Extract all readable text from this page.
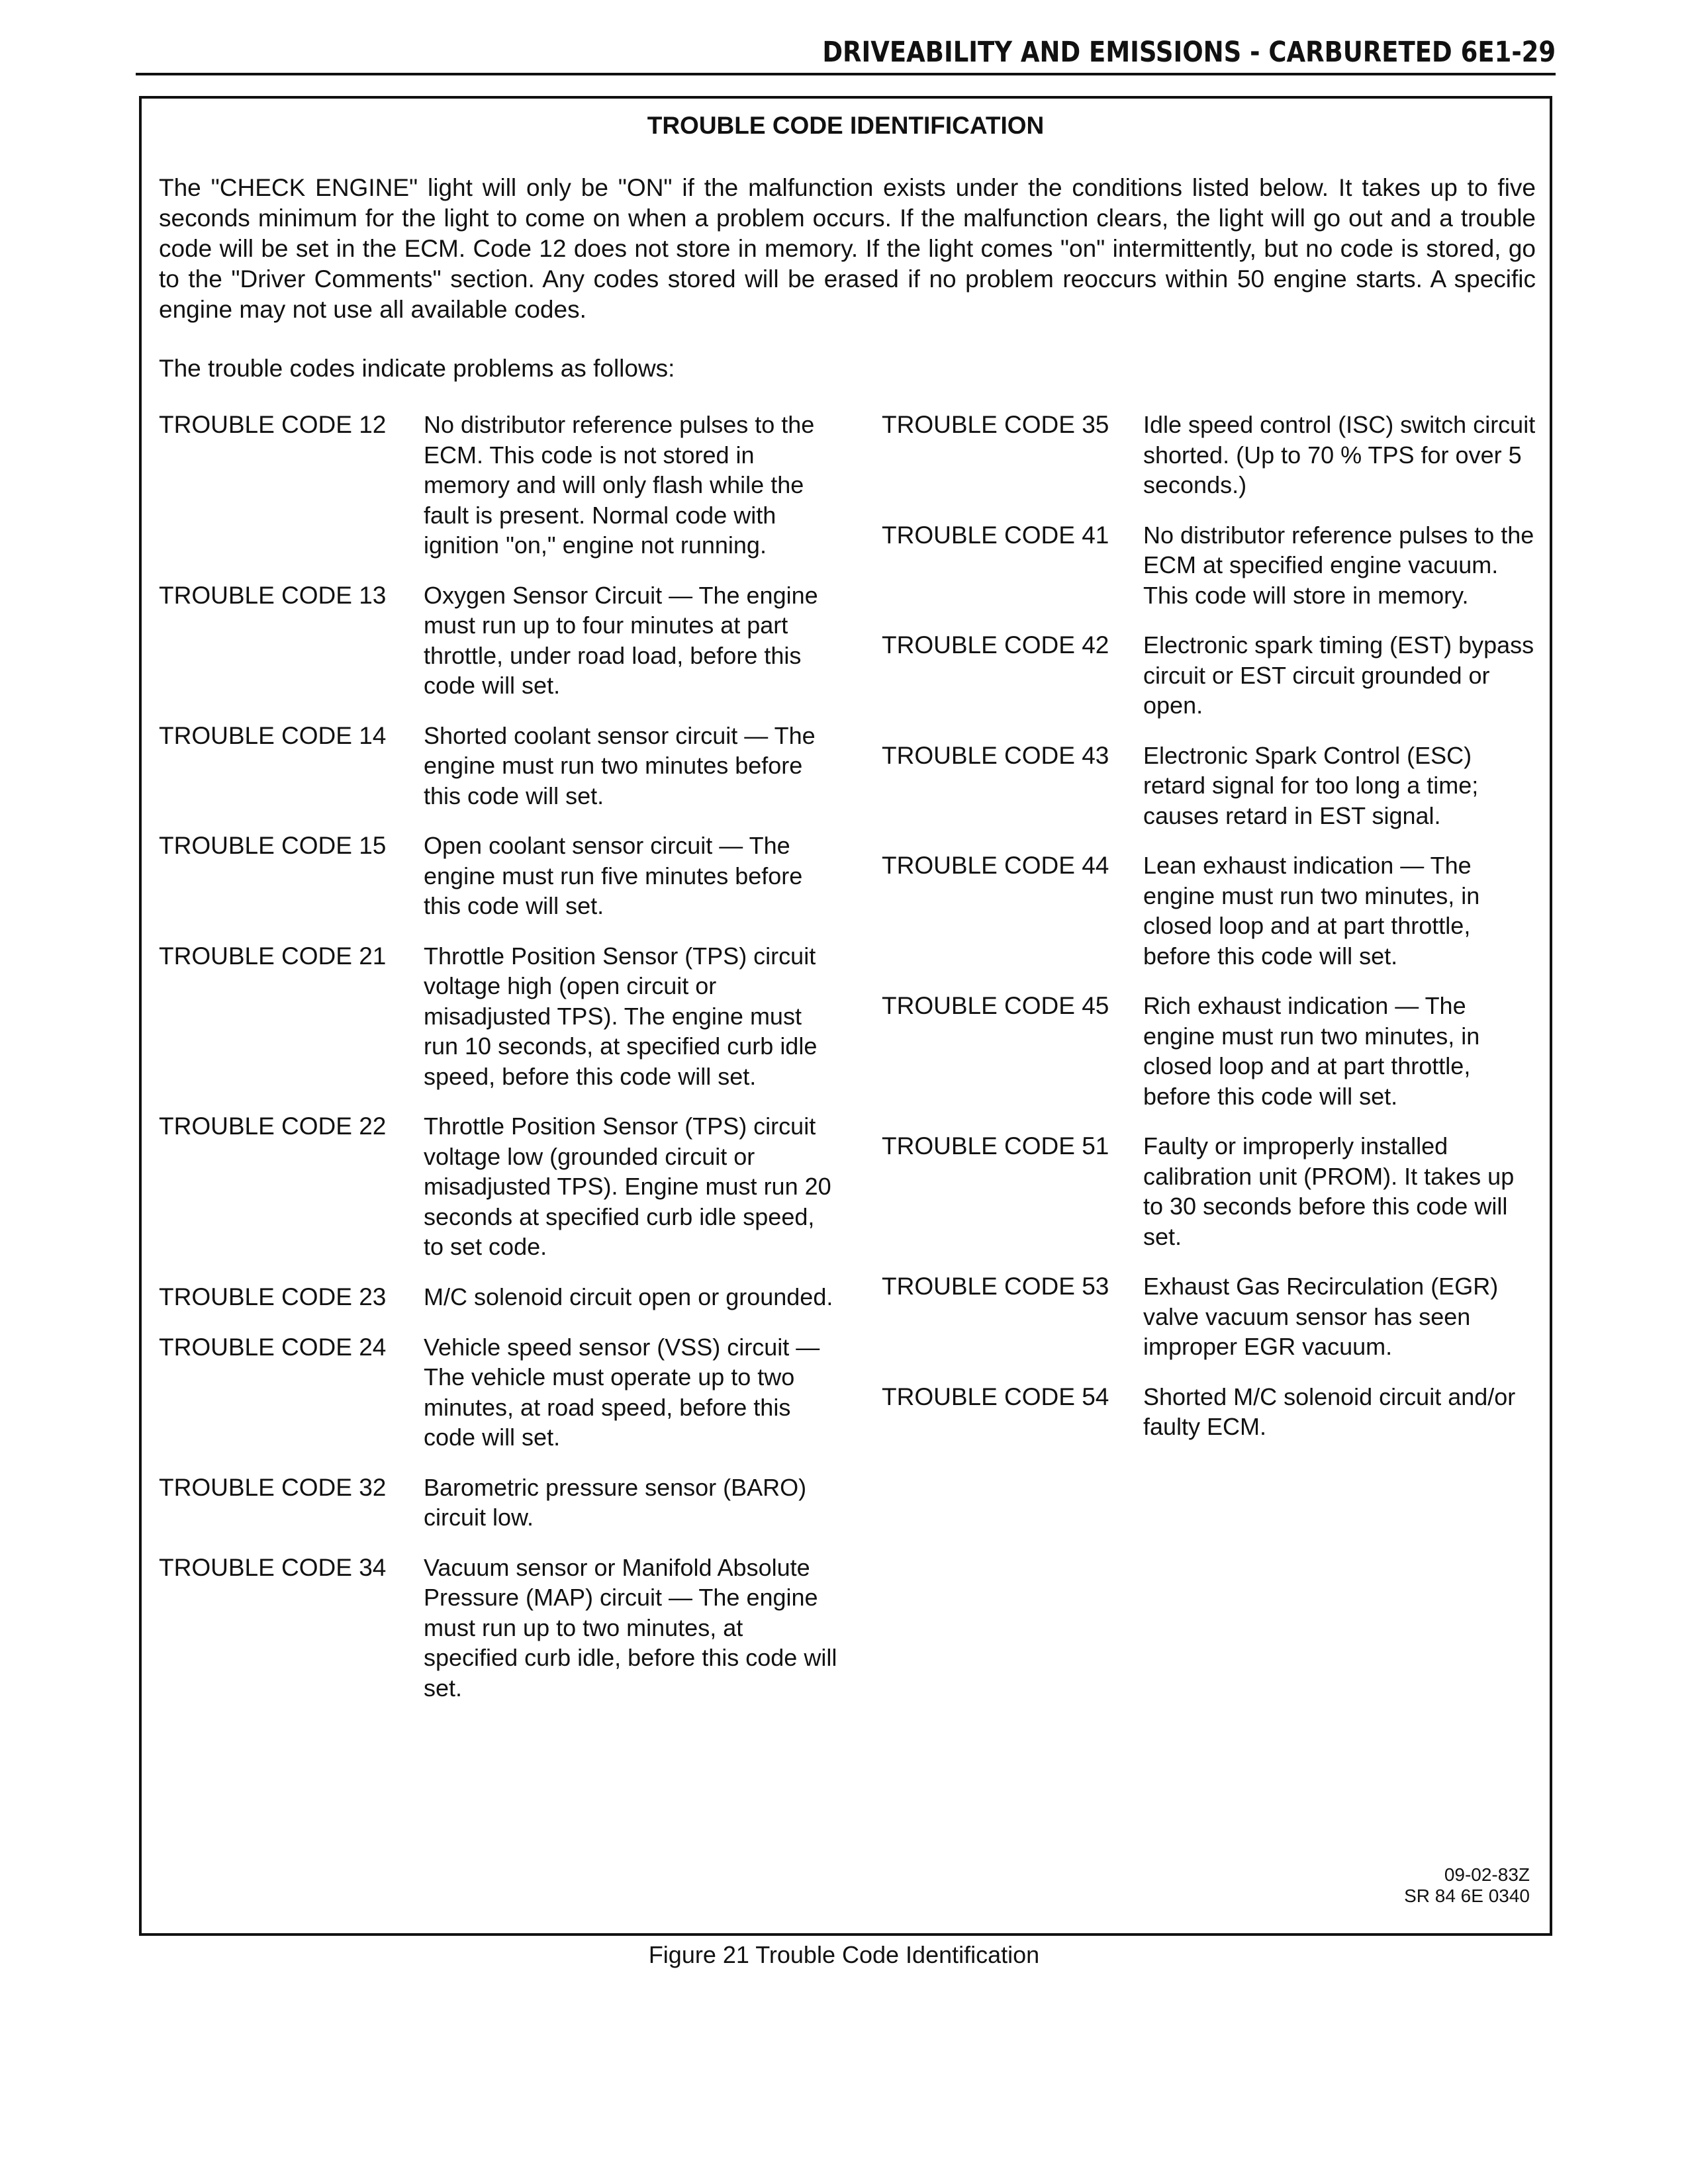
DRIVEABILITY AND EMISSIONS - CARBURETED 6E1-29
TROUBLE CODE IDENTIFICATION

The "CHECK ENGINE" light will only be "ON" if the malfunction exists under the conditions listed below. It takes up to five seconds minimum for the light to come on when a problem occurs. If the malfunction clears, the light will go out and a trouble code will be set in the ECM. Code 12 does not store in memory. If the light comes "on" intermittently, but no code is stored, go to the "Driver Comments" section. Any codes stored will be erased if no problem reoccurs within 50 engine starts. A specific engine may not use all available codes.

The trouble codes indicate problems as follows:

TROUBLE CODE 12	No distributor reference pulses to the ECM. This code is not stored in memory and will only flash while the fault is present. Normal code with ignition "on," engine not running.
TROUBLE CODE 13	Oxygen Sensor Circuit — The engine must run up to four minutes at part throttle, under road load, before this code will set.
TROUBLE CODE 14	Shorted coolant sensor circuit — The engine must run two minutes before this code will set.
TROUBLE CODE 15	Open coolant sensor circuit — The engine must run five minutes before this code will set.
TROUBLE CODE 21	Throttle Position Sensor (TPS) circuit voltage high (open circuit or misadjusted TPS). The engine must run 10 seconds, at specified curb idle speed, before this code will set.
TROUBLE CODE 22	Throttle Position Sensor (TPS) circuit voltage low (grounded circuit or misadjusted TPS). Engine must run 20 seconds at specified curb idle speed, to set code.
TROUBLE CODE 23	M/C solenoid circuit open or grounded.
TROUBLE CODE 24	Vehicle speed sensor (VSS) circuit — The vehicle must operate up to two minutes, at road speed, before this code will set.
TROUBLE CODE 32	Barometric pressure sensor (BARO) circuit low.
TROUBLE CODE 34	Vacuum sensor or Manifold Absolute Pressure (MAP) circuit — The engine must run up to two minutes, at specified curb idle, before this code will set.
TROUBLE CODE 35	Idle speed control (ISC) switch circuit shorted. (Up to 70 % TPS for over 5 seconds.)
TROUBLE CODE 41	No distributor reference pulses to the ECM at specified engine vacuum. This code will store in memory.
TROUBLE CODE 42	Electronic spark timing (EST) bypass circuit or EST circuit grounded or open.
TROUBLE CODE 43	Electronic Spark Control (ESC) retard signal for too long a time; causes retard in EST signal.
TROUBLE CODE 44	Lean exhaust indication — The engine must run two minutes, in closed loop and at part throttle, before this code will set.
TROUBLE CODE 45	Rich exhaust indication — The engine must run two minutes, in closed loop and at part throttle, before this code will set.
TROUBLE CODE 51	Faulty or improperly installed calibration unit (PROM). It takes up to 30 seconds before this code will set.
TROUBLE CODE 53	Exhaust Gas Recirculation (EGR) valve vacuum sensor has seen improper EGR vacuum.
TROUBLE CODE 54	Shorted M/C solenoid circuit and/or faulty ECM.
09-02-83Z
SR 84 6E 0340
Figure 21 Trouble Code Identification
